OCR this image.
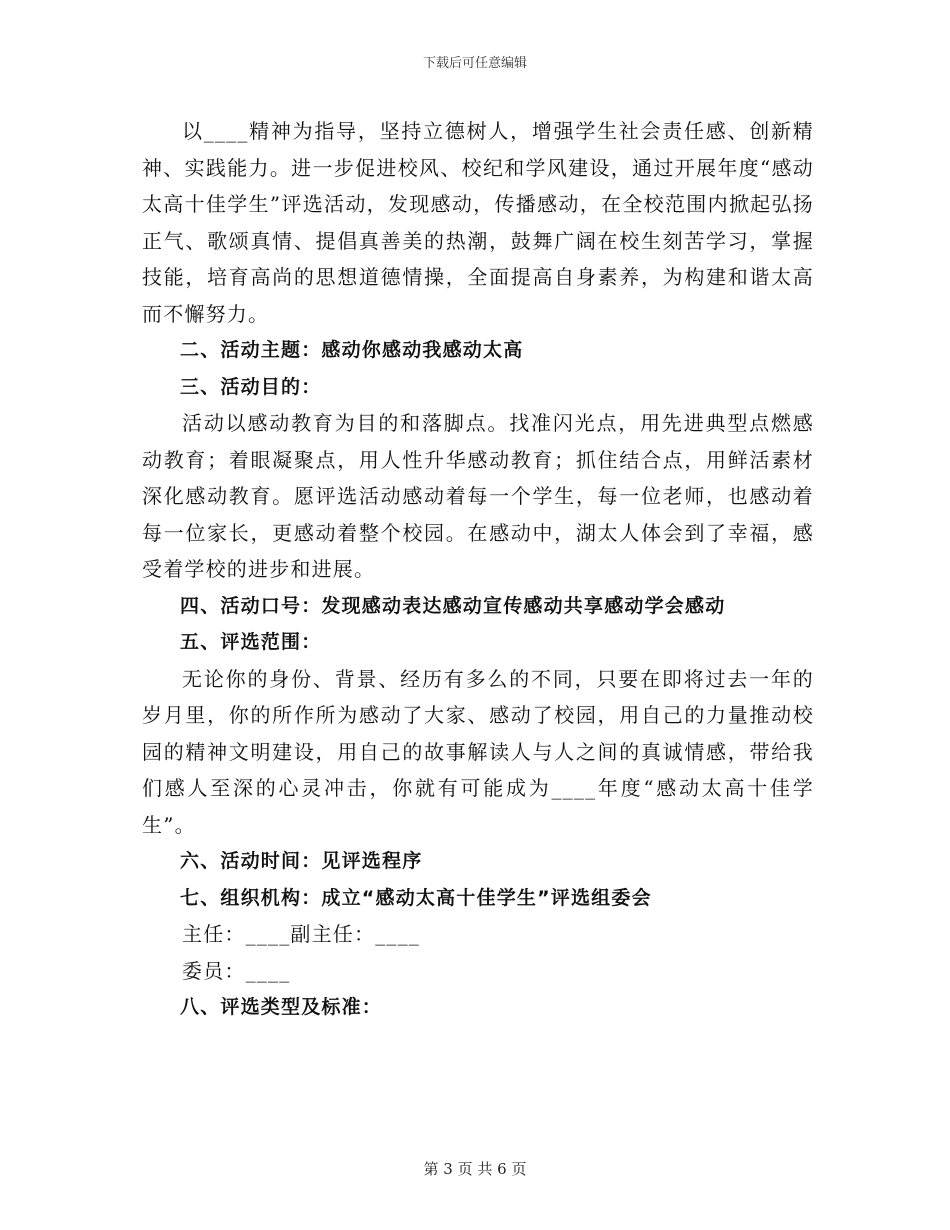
下载后可任意编辑

以____精神为指导，坚持立德树人，增强学生社会责任感、创新精神、实践能力。进一步促进校风、校纪和学风建设，通过开展年度“感动太高十佳学生”评选活动，发现感动，传播感动，在全校范围内掀起弘扬正气、歌颂真情、提倡真善美的热潮，鼓舞广阔在校生刻苦学习，掌握技能，培育高尚的思想道德情操，全面提高自身素养，为构建和谐太高而不懈努力。

二、活动主题：感动你感动我感动太高

三、活动目的：

活动以感动教育为目的和落脚点。找准闪光点，用先进典型点燃感动教育；着眼凝聚点，用人性升华感动教育；抓住结合点，用鲜活素材深化感动教育。愿评选活动感动着每一个学生，每一位老师，也感动着每一位家长，更感动着整个校园。在感动中，湖太人体会到了幸福，感受着学校的进步和进展。

四、活动口号：发现感动表达感动宣传感动共享感动学会感动

五、评选范围：

无论你的身份、背景、经历有多么的不同，只要在即将过去一年的岁月里，你的所作所为感动了大家、感动了校园，用自己的力量推动校园的精神文明建设，用自己的故事解读人与人之间的真诚情感，带给我们感人至深的心灵冲击，你就有可能成为____年度“感动太高十佳学生”。

六、活动时间：见评选程序

七、组织机构：成立“感动太高十佳学生”评选组委会

主任：____副主任：____

委员：____

八、评选类型及标准：

第 3 页 共 6 页
